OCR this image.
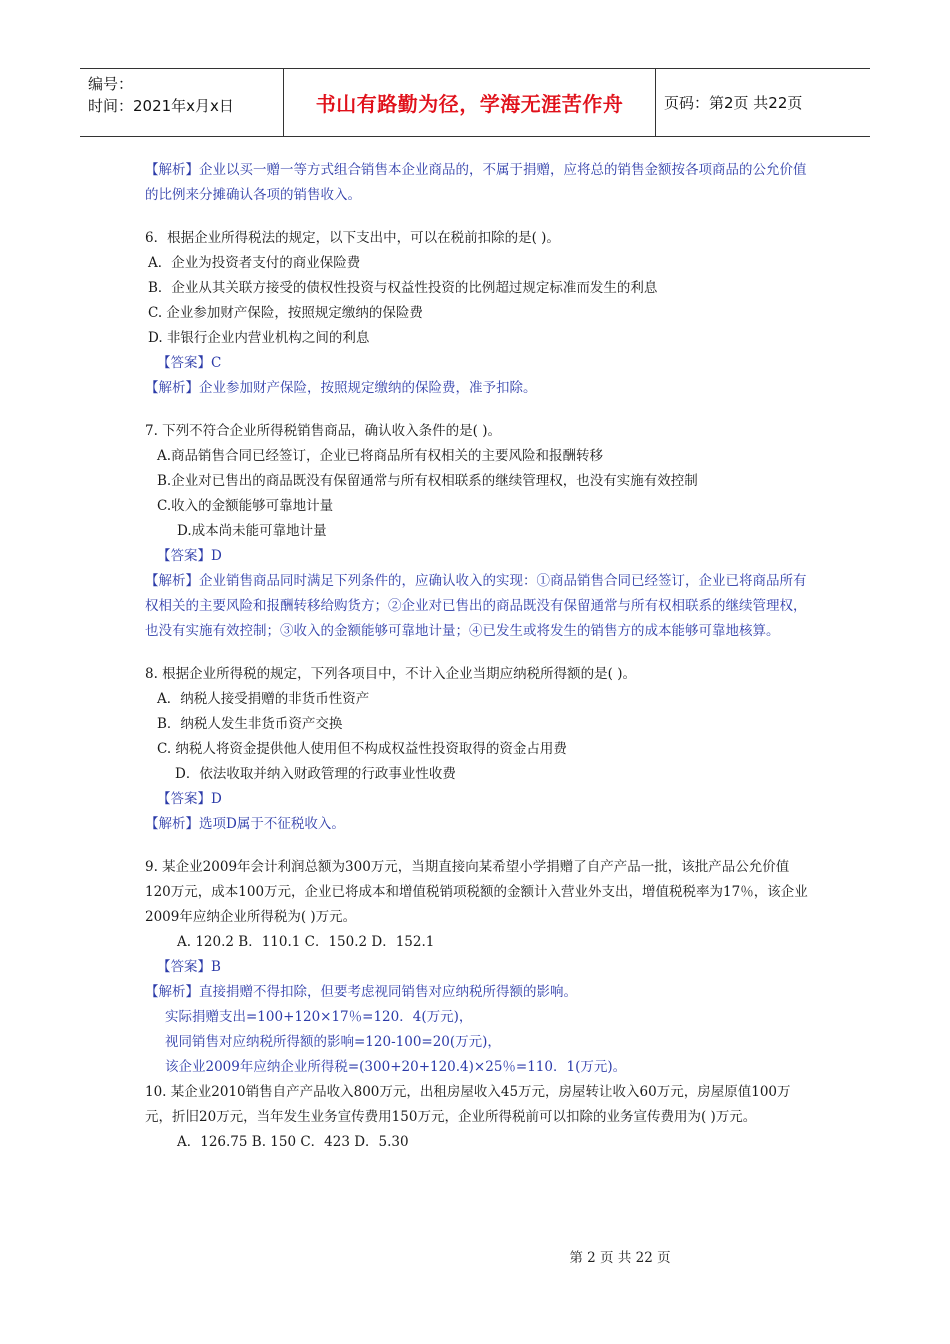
编号：
时间：2021年x月x日	书山有路勤为径，学海无涯苦作舟	页码：第2页 共22页
【解析】企业以买一赠一等方式组合销售本企业商品的，不属于捐赠，应将总的销售金额按各项商品的公允价值的比例来分摊确认各项的销售收入。
6．根据企业所得税法的规定，以下支出中，可以在税前扣除的是( )。
A．企业为投资者支付的商业保险费
B．企业从其关联方接受的债权性投资与权益性投资的比例超过规定标准而发生的利息
C. 企业参加财产保险，按照规定缴纳的保险费
D. 非银行企业内营业机构之间的利息
【答案】C
【解析】企业参加财产保险，按照规定缴纳的保险费，准予扣除。
7. 下列不符合企业所得税销售商品，确认收入条件的是( )。
A.商品销售合同已经签订，企业已将商品所有权相关的主要风险和报酬转移
B.企业对已售出的商品既没有保留通常与所有权相联系的继续管理权，也没有实施有效控制
C.收入的金额能够可靠地计量
D.成本尚未能可靠地计量
【答案】D
【解析】企业销售商品同时满足下列条件的，应确认收入的实现：①商品销售合同已经签订，企业已将商品所有权相关的主要风险和报酬转移给购货方；②企业对已售出的商品既没有保留通常与所有权相联系的继续管理权，也没有实施有效控制；③收入的金额能够可靠地计量；④已发生或将发生的销售方的成本能够可靠地核算。
8. 根据企业所得税的规定，下列各项目中，不计入企业当期应纳税所得额的是( )。
A．纳税人接受捐赠的非货币性资产
B．纳税人发生非货币资产交换
C. 纳税人将资金提供他人使用但不构成权益性投资取得的资金占用费
D．依法收取并纳入财政管理的行政事业性收费
【答案】D
【解析】选项D属于不征税收入。
9. 某企业2009年会计利润总额为300万元，当期直接向某希望小学捐赠了自产产品一批，该批产品公允价值120万元，成本100万元，企业已将成本和增值税销项税额的金额计入营业外支出，增值税税率为17％，该企业2009年应纳企业所得税为( )万元。
A. 120.2 B．110.1 C．150.2 D．152.1
【答案】B
【解析】直接捐赠不得扣除，但要考虑视同销售对应纳税所得额的影响。
实际捐赠支出=100+120×17％=120．4(万元)，
视同销售对应纳税所得额的影响=120-100=20(万元)，
该企业2009年应纳企业所得税=(300+20+120.4)×25％=110．1(万元)。
10. 某企业2010销售自产产品收入800万元，出租房屋收入45万元，房屋转让收入60万元，房屋原值100万元，折旧20万元，当年发生业务宣传费用150万元，企业所得税前可以扣除的业务宣传费用为( )万元。
A．126.75 B. 150 C．423 D．5.30
第 2 页 共 22 页
